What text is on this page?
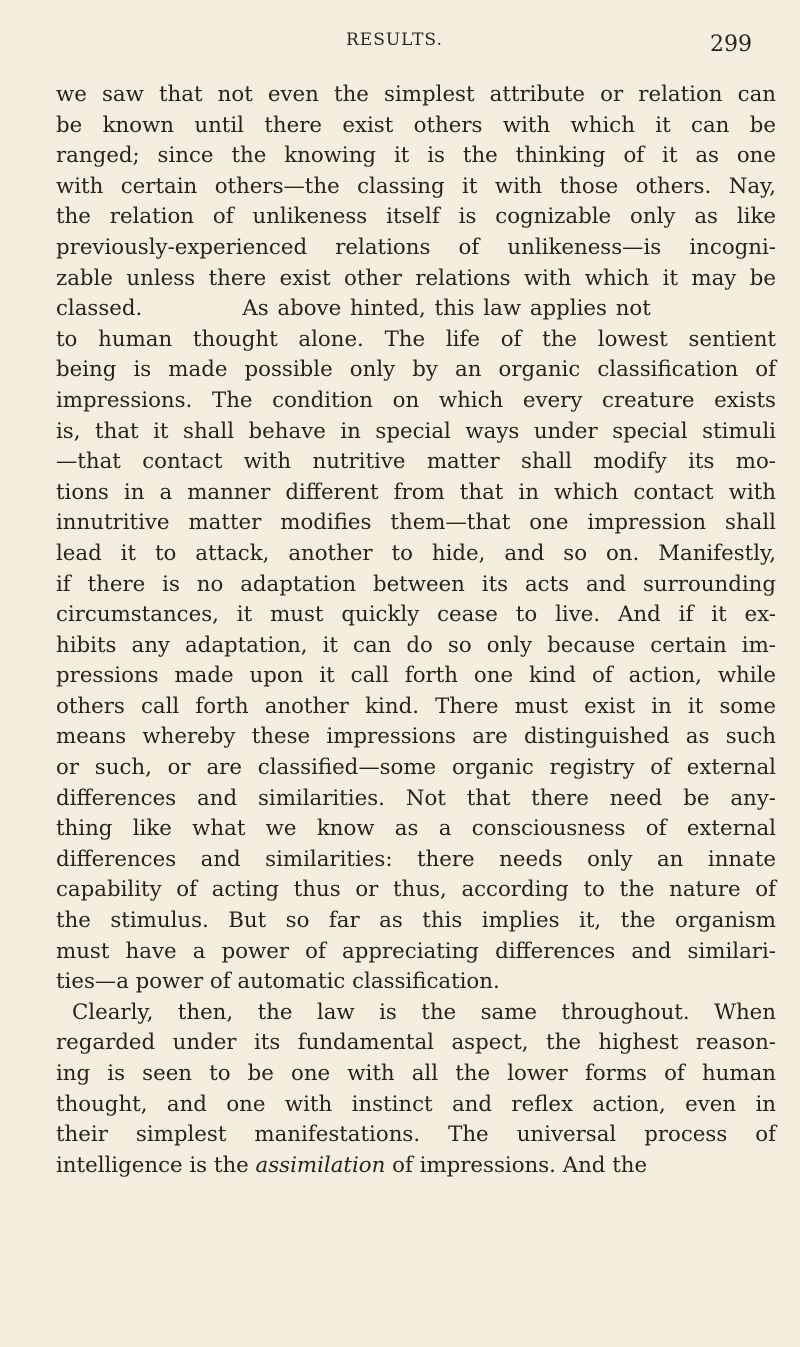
RESULTS.	299
we saw that not even the simplest attribute or relation can
be known until there exist others with which it can be
ranged; since the knowing it is the thinking of it as one
with certain others—the classing it with those others. Nay,
the relation of unlikeness itself is cognizable only as like
previously-experienced relations of unlikeness—is incogni-
zable unless there exist other relations with which it may be
classed.	As above hinted, this law applies not
to human thought alone. The life of the lowest sentient
being is made possible only by an organic classification of
impressions. The condition on which every creature exists
is, that it shall behave in special ways under special stimuli
—that contact with nutritive matter shall modify its mo-
tions in a manner different from that in which contact with
innutritive matter modifies them—that one impression shall
lead it to attack, another to hide, and so on. Manifestly,
if there is no adaptation between its acts and surrounding
circumstances, it must quickly cease to live. And if it ex-
hibits any adaptation, it can do so only because certain im-
pressions made upon it call forth one kind of action, while
others call forth another kind. There must exist in it some
means whereby these impressions are distinguished as such
or such, or are classified—some organic registry of external
differences and similarities. Not that there need be any-
thing like what we know as a consciousness of external
differences and similarities: there needs only an innate
capability of acting thus or thus, according to the nature of
the stimulus. But so far as this implies it, the organism
must have a power of appreciating differences and similari-
ties—a power of automatic classification.
Clearly, then, the law is the same throughout. When
regarded under its fundamental aspect, the highest reason-
ing is seen to be one with all the lower forms of human
thought, and one with instinct and reflex action, even in
their simplest manifestations. The universal process of
intelligence is the assimilation of impressions. And the
